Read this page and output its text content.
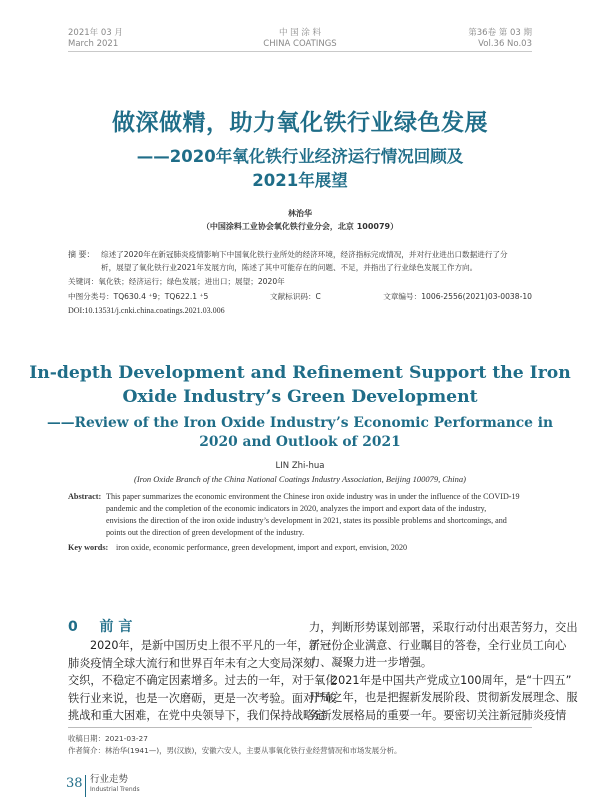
2021年 03 月
March 2021
中 国 涂 料
CHINA COATINGS
第36卷 第 03 期
Vol.36 No.03
做深做精，助力氧化铁行业绿色发展
——2020年氧化铁行业经济运行情况回顾及
2021年展望
林治华
（中国涂料工业协会氧化铁行业分会，北京 100079）
摘 要： 综述了2020年在新冠肺炎疫情影响下中国氧化铁行业所处的经济环境，经济指标完成情况，并对行业进出口数据进行了分
析，展望了氧化铁行业2021年发展方向，陈述了其中可能存在的问题、不足，并指出了行业绿色发展工作方向。
关键词：氧化铁；经济运行；绿色发展；进出口；展望；2020年
中图分类号：TQ630.4 ⁺9；TQ622.1 ⁺5	文献标识码：C	文章编号：1006-2556(2021)03-0038-10
DOI:10.13531/j.cnki.china.coatings.2021.03.006
In-depth Development and Refinement Support the Iron
Oxide Industry’s Green Development
——Review of the Iron Oxide Industry’s Economic Performance in
2020 and Outlook of 2021
LIN Zhi-hua
(Iron Oxide Branch of the China National Coatings Industry Association, Beijing 100079, China)
Abstract: This paper summarizes the economic environment the Chinese iron oxide industry was in under the influence of the COVID-19
pandemic and the completion of the economic indicators in 2020, analyzes the import and export data of the industry,
envisions the direction of the iron oxide industry’s development in 2021, states its possible problems and shortcomings, and
points out the direction of green development of the industry.
Key words: iron oxide, economic performance, green development, import and export, envision, 2020
0 前 言
2020年，是新中国历史上很不平凡的一年，新冠
肺炎疫情全球大流行和世界百年未有之大变局深刻
交织，不稳定不确定因素增多。过去的一年，对于氧化
铁行业来说，也是一次磨砺，更是一次考验。面对严峻
挑战和重大困难，在党中央领导下，我们保持战略定
力，判断形势谋划部署，采取行动付出艰苦努力，交出
了一份企业满意、行业瞩目的答卷，全行业员工向心
力、凝聚力进一步增强。
2021年是中国共产党成立100周年，是“十四五”
开局之年，也是把握新发展阶段、贯彻新发展理念、服
务新发展格局的重要一年。要密切关注新冠肺炎疫情
收稿日期：2021-03-27
作者简介：林治华(1941—)，男(汉族)，安徽六安人，主要从事氧化铁行业经营情况和市场发展分析。
38 行业走势
Industrial Trends
